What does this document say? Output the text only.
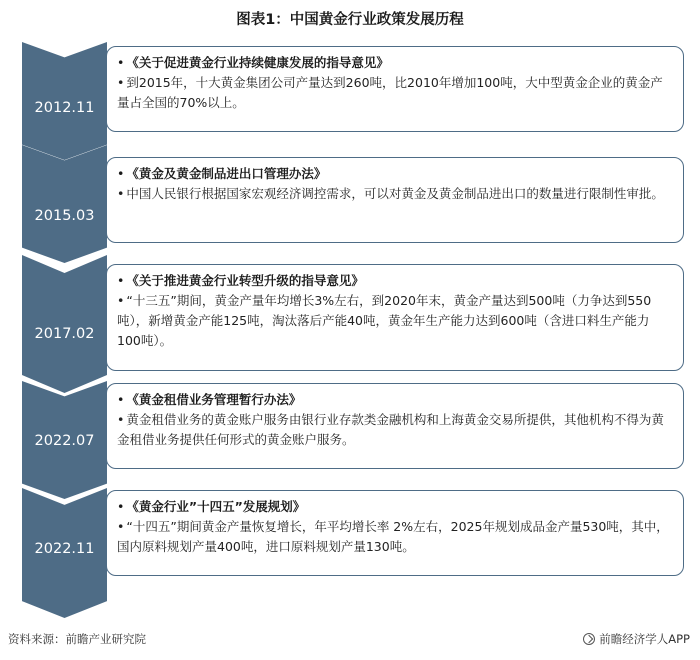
图表1：中国黄金行业政策发展历程
2012.11
• 《关于促进黄金行业持续健康发展的指导意见》
• 到2015年，十大黄金集团公司产量达到260吨，比2010年增加100吨，大中型黄金企业的黄金产量占全国的70%以上。
2015.03
• 《黄金及黄金制品进出口管理办法》
• 中国人民银行根据国家宏观经济调控需求，可以对黄金及黄金制品进出口的数量进行限制性审批。
2017.02
• 《关于推进黄金行业转型升级的指导意见》
• “十三五”期间，黄金产量年均增长3%左右，到2020年末，黄金产量达到500吨（力争达到550吨），新增黄金产能125吨，淘汰落后产能40吨，黄金年生产能力达到600吨（含进口料生产能力100吨）。
2022.07
• 《黄金租借业务管理暂行办法》
• 黄金租借业务的黄金账户服务由银行业存款类金融机构和上海黄金交易所提供，其他机构不得为黄金租借业务提供任何形式的黄金账户服务。
2022.11
• 《黄金行业”十四五”发展规划》
• “十四五”期间黄金产量恢复增长，年平均增长率 2%左右，2025年规划成品金产量530吨，其中，国内原料规划产量400吨，进口原料规划产量130吨。
资料来源：前瞻产业研究院	前瞻经济学人APP
